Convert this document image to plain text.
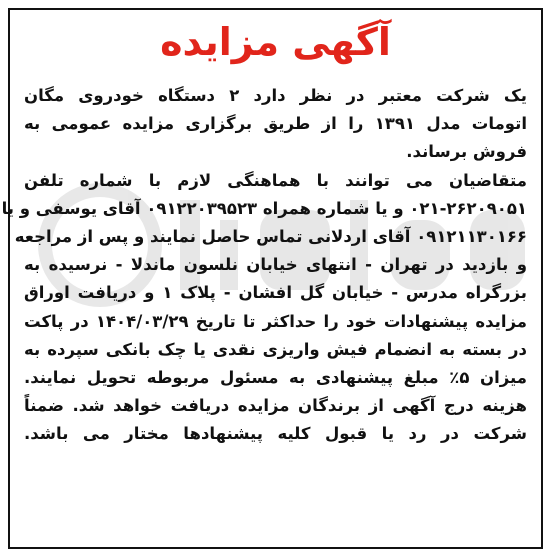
آگهی مزایده
یک شرکت معتبر در نظر دارد ۲ دستگاه خودروی مگان
اتومات مدل ۱۳۹۱ را از طریق برگزاری مزایده عمومی به
فروش برساند.
متقاضیان می توانند با هماهنگی لازم با شماره تلفن
۰۲۱-۲۶۲۰۹۰۵۱ و یا شماره همراه ۰۹۱۲۲۰۳۹۵۲۳ آقای یوسفی و یا
۰۹۱۲۱۱۳۰۱۶۶ آقای اردلانی تماس حاصل نمایند و پس از مراجعه
و بازدید در تهران - انتهای خیابان نلسون ماندلا - نرسیده به
بزرگراه مدرس - خیابان گل افشان - پلاک ۱ و دریافت اوراق
مزایده پیشنهادات خود را حداکثر تا تاریخ ۱۴۰۴/۰۳/۲۹ در پاکت
در بسته به انضمام فیش واریزی نقدی یا چک بانکی سپرده به
میزان ۵٪ مبلغ پیشنهادی به مسئول مربوطه تحویل نمایند.
هزینه درج آگهی از برندگان مزایده دریافت خواهد شد. ضمناً
شرکت در رد یا قبول کلیه پیشنهادها مختار می باشد.
